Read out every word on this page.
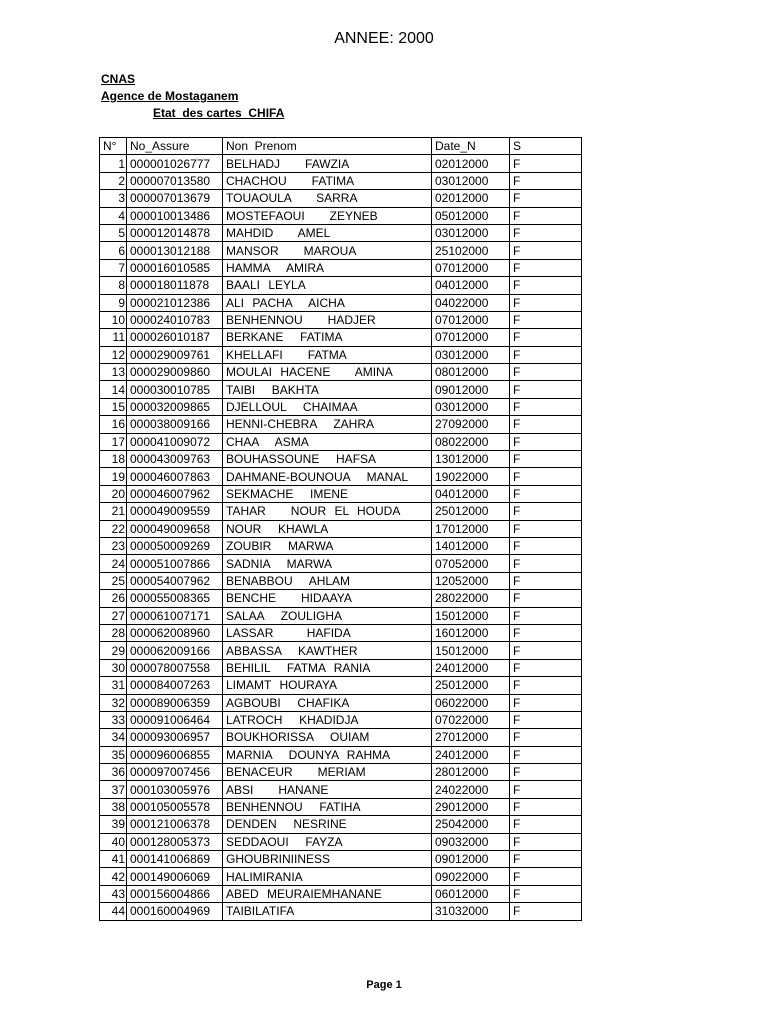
ANNEE: 2000
CNAS
Agence de Mostaganem
Etat  des cartes  CHIFA
N°	No_Assure	Non  Prenom	Date_N	S
1	000001026777	BELHADJ   FAWZIA	02012000	F
2	000007013580	CHACHOU   FATIMA	03012000	F
3	000007013679	TOUAOULA   SARRA	02012000	F
4	000010013486	MOSTEFAOUI   ZEYNEB	05012000	F
5	000012014878	MAHDID   AMEL	03012000	F
6	000013012188	MANSOR   MAROUA	25102000	F
7	000016010585	HAMMA  AMIRA	07012000	F
8	000018011878	BAALI LEYLA	04012000	F
9	000021012386	ALI PACHA  AICHA	04022000	F
10	000024010783	BENHENNOU   HADJER	07012000	F
11	000026010187	BERKANE  FATIMA	07012000	F
12	000029009761	KHELLAFI   FATMA	03012000	F
13	000029009860	MOULAI HACENE   AMINA	08012000	F
14	000030010785	TAIBI  BAKHTA	09012000	F
15	000032009865	DJELLOUL  CHAIMAA	03012000	F
16	000038009166	HENNI-CHEBRA  ZAHRA	27092000	F
17	000041009072	CHAA  ASMA	08022000	F
18	000043009763	BOUHASSOUNE  HAFSA	13012000	F
19	000046007863	DAHMANE-BOUNOUA  MANAL	19022000	F
20	000046007962	SEKMACHE  IMENE	04012000	F
21	000049009559	TAHAR   NOUR EL HOUDA	25012000	F
22	000049009658	NOUR  KHAWLA	17012000	F
23	000050009269	ZOUBIR  MARWA	14012000	F
24	000051007866	SADNIA  MARWA	07052000	F
25	000054007962	BENABBOU  AHLAM	12052000	F
26	000055008365	BENCHE   HIDAAYA	28022000	F
27	000061007171	SALAA  ZOULIGHA	15012000	F
28	000062008960	LASSAR    HAFIDA	16012000	F
29	000062009166	ABBASSA  KAWTHER	15012000	F
30	000078007558	BEHILIL  FATMA RANIA	24012000	F
31	000084007263	LIMAMT HOURAYA	25012000	F
32	000089006359	AGBOUBI  CHAFIKA	06022000	F
33	000091006464	LATROCH  KHADIDJA	07022000	F
34	000093006957	BOUKHORISSA  OUIAM	27012000	F
35	000096006855	MARNIA  DOUNYA RAHMA	24012000	F
36	000097007456	BENACEUR   MERIAM	28012000	F
37	000103005976	ABSI   HANANE	24022000	F
38	000105005578	BENHENNOU  FATIHA	29012000	F
39	000121006378	DENDEN  NESRINE	25042000	F
40	000128005373	SEDDAOUI  FAYZA	09032000	F
41	000141006869	GHOUBRINIINESS	09012000	F
42	000149006069	HALIMIRANIA	09022000	F
43	000156004866	ABED MEURAIEMHANANE	06012000	F
44	000160004969	TAIBILATIFA	31032000	F
Page 1
